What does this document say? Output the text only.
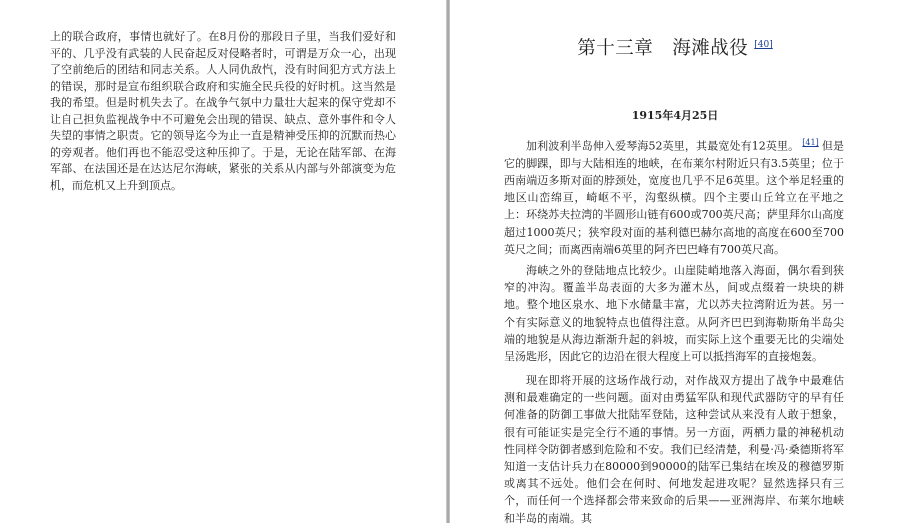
上的联合政府，事情也就好了。在8月份的那段日子里，当我们爱好和平的、几乎没有武装的人民奋起反对侵略者时，可谓是万众一心，出现了空前绝后的团结和同志关系。人人同仇敌忾，没有时间犯方式方法上的错误，那时是宣布组织联合政府和实施全民兵役的好时机。这当然是我的希望。但是时机失去了。在战争气氛中力量壮大起来的保守党却不让自己担负监视战争中不可避免会出现的错误、缺点、意外事件和令人失望的事情之职责。它的领导迄今为止一直是精神受压抑的沉默而热心的旁观者。他们再也不能忍受这种压抑了。于是，无论在陆军部、在海军部、在法国还是在达达尼尔海峡，紧张的关系从内部与外部演变为危机，而危机又上升到顶点。

第十三章　海滩战役 [40]

1915年4月25日

加利波利半岛伸入爱琴海52英里，其最宽处有12英里。 [41] 但是它的脚踝，即与大陆相连的地峡，在布莱尔村附近只有3.5英里；位于西南端迈多斯对面的脖颈处，宽度也几乎不足6英里。这个举足轻重的地区山峦绵亘，崎岖不平，沟壑纵横。四个主要山丘耸立在平地之上：环绕苏夫拉湾的半圆形山链有600或700英尺高；萨里拜尔山高度超过1000英尺；狭窄段对面的基利德巴赫尔高地的高度在600至700英尺之间；而离西南端6英里的阿齐巴巴峰有700英尺高。

海峡之外的登陆地点比较少。山崖陡峭地落入海面，偶尔看到狭窄的冲沟。覆盖半岛表面的大多为灌木丛，间或点缀着一块块的耕地。整个地区泉水、地下水储量丰富，尤以苏夫拉湾附近为甚。另一个有实际意义的地貌特点也值得注意。从阿齐巴巴到海勒斯角半岛尖端的地貌是从海边渐渐升起的斜坡，而实际上这个重要无比的尖端处呈汤匙形，因此它的边沿在很大程度上可以抵挡海军的直接炮轰。

现在即将开展的这场作战行动，对作战双方提出了战争中最难估测和最难确定的一些问题。面对由勇猛军队和现代武器防守的早有任何准备的防御工事做大批陆军登陆，这种尝试从来没有人敢于想象，很有可能证实是完全行不通的事情。另一方面，两栖力量的神秘机动性同样令防御者感到危险和不安。我们已经清楚，利曼·冯·桑德斯将军知道一支估计兵力在80000到90000的陆军已集结在埃及的穆德罗斯或离其不远处。他们会在何时、何地发起进攻呢？显然选择只有三个，而任何一个选择都会带来致命的后果——亚洲海岸、布莱尔地峡和半岛的南端。其
